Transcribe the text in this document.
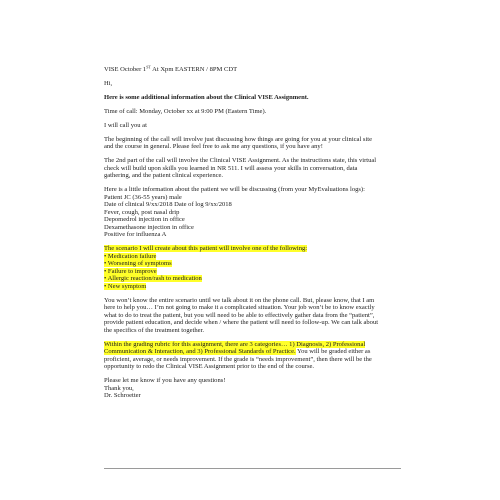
VISE October 1ST At Xpm EASTERN / 8PM CDT
Hi,
Here is some additional information about the Clinical VISE Assignment.
Time of call: Monday, October xx at 9:00 PM (Eastern Time).
I will call you at
The beginning of the call will involve just discussing how things are going for you at your clinical site
and the course in general. Please feel free to ask me any questions, if you have any!
The 2nd part of the call will involve the Clinical VISE Assignment. As the instructions state, this virtual
check will build upon skills you learned in NR 511. I will assess your skills in conversation, data
gathering, and the patient clinical experience.
Here is a little information about the patient we will be discussing (from your MyEvaluations logs):
Patient JC (36-55 years) male
Date of clinical 9/xx/2018 Date of log 9/xx/2018
Fever, cough, post nasal drip
Depomedrol injection in office
Dexamethasone injection in office
Positive for influenza A
The scenario I will create about this patient will involve one of the following:
• Medication failure
• Worsening of symptoms
• Failure to improve
• Allergic reaction/rash to medication
• New symptom
You won’t know the entire scenario until we talk about it on the phone call. But, please know, that I am
here to help you… I’m not going to make it a complicated situation. Your job won’t be to know exactly
what to do to treat the patient, but you will need to be able to effectively gather data from the “patient”,
provide patient education, and decide when / where the patient will need to follow-up. We can talk about
the specifics of the treatment together.
Within the grading rubric for this assignment, there are 3 categories… 1) Diagnosis, 2) Professional
Communication & Interaction, and 3) Professional Standards of Practice. You will be graded either as
proficient, average, or needs improvement. If the grade is “needs improvement”, then there will be the
opportunity to redo the Clinical VISE Assignment prior to the end of the course.
Please let me know if you have any questions!
Thank you,
Dr. Schroetter
